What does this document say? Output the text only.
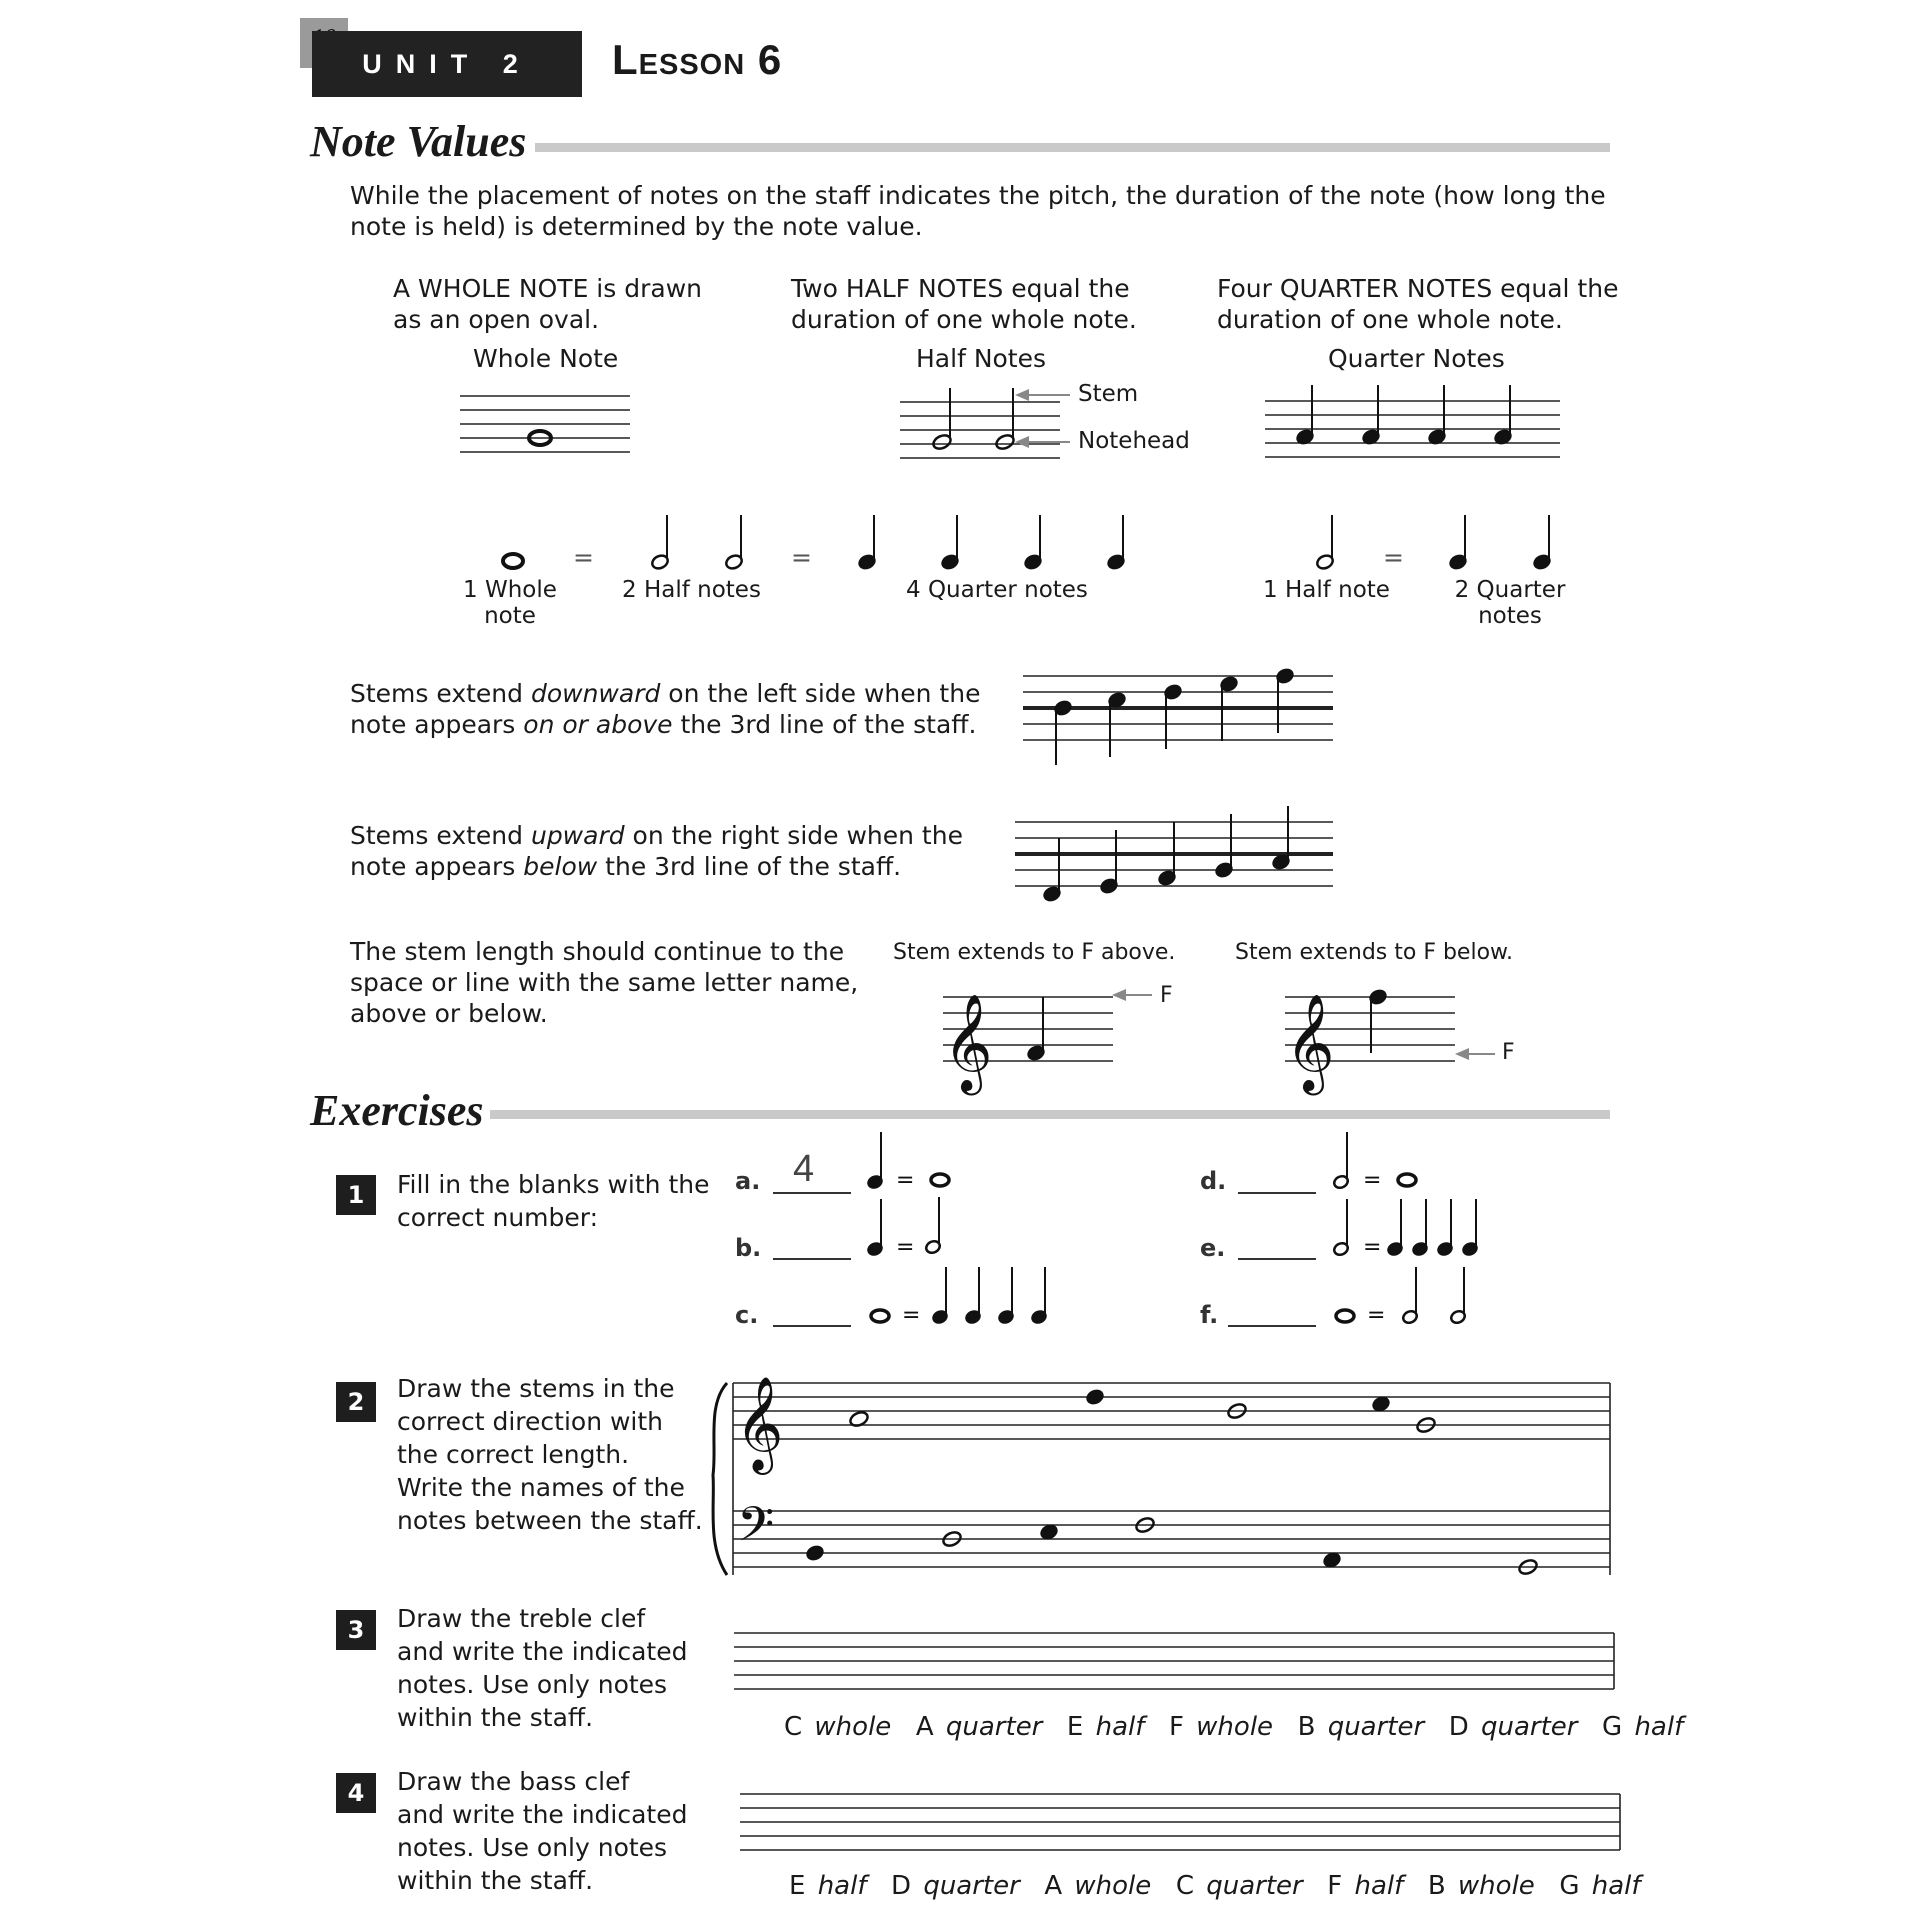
UNIT 2	Lesson 6
Note Values
While the placement of notes on the staff indicates the pitch, the duration of the note (how long the note is held) is determined by the note value.
A WHOLE NOTE is drawn
as an open oval.
Two HALF NOTES equal the
duration of one whole note.
Four QUARTER NOTES equal the
duration of one whole note.
Whole Note	Half Notes	Quarter Notes
Stem
Notehead
=	=	=
1 Whole
note
2 Half notes	4 Quarter notes	1 Half note	2 Quarter
notes
Stems extend downward on the left side when the
note appears on or above the 3rd line of the staff.
Stems extend upward on the right side when the
note appears below the 3rd line of the staff.
The stem length should continue to the
space or line with the same letter name,
above or below.
Stem extends to F above.	Stem extends to F below.
𝄞	F 𝄞	F
Exercises
1	Fill in the blanks with the
correct number:
a. 4
b.
c.
d.
e.
f.
=
=
=
=
=
=
2	Draw the stems in the
correct direction with
the correct length.
Write the names of the
notes between the staff.
𝄞
𝄢
3	Draw the treble clef
and write the indicated
notes. Use only notes
within the staff.	C whole A quarter E half F whole B quarter D quarter G half
4	Draw the bass clef
and write the indicated
notes. Use only notes
within the staff.	E half D quarter A whole C quarter F half B whole G half
